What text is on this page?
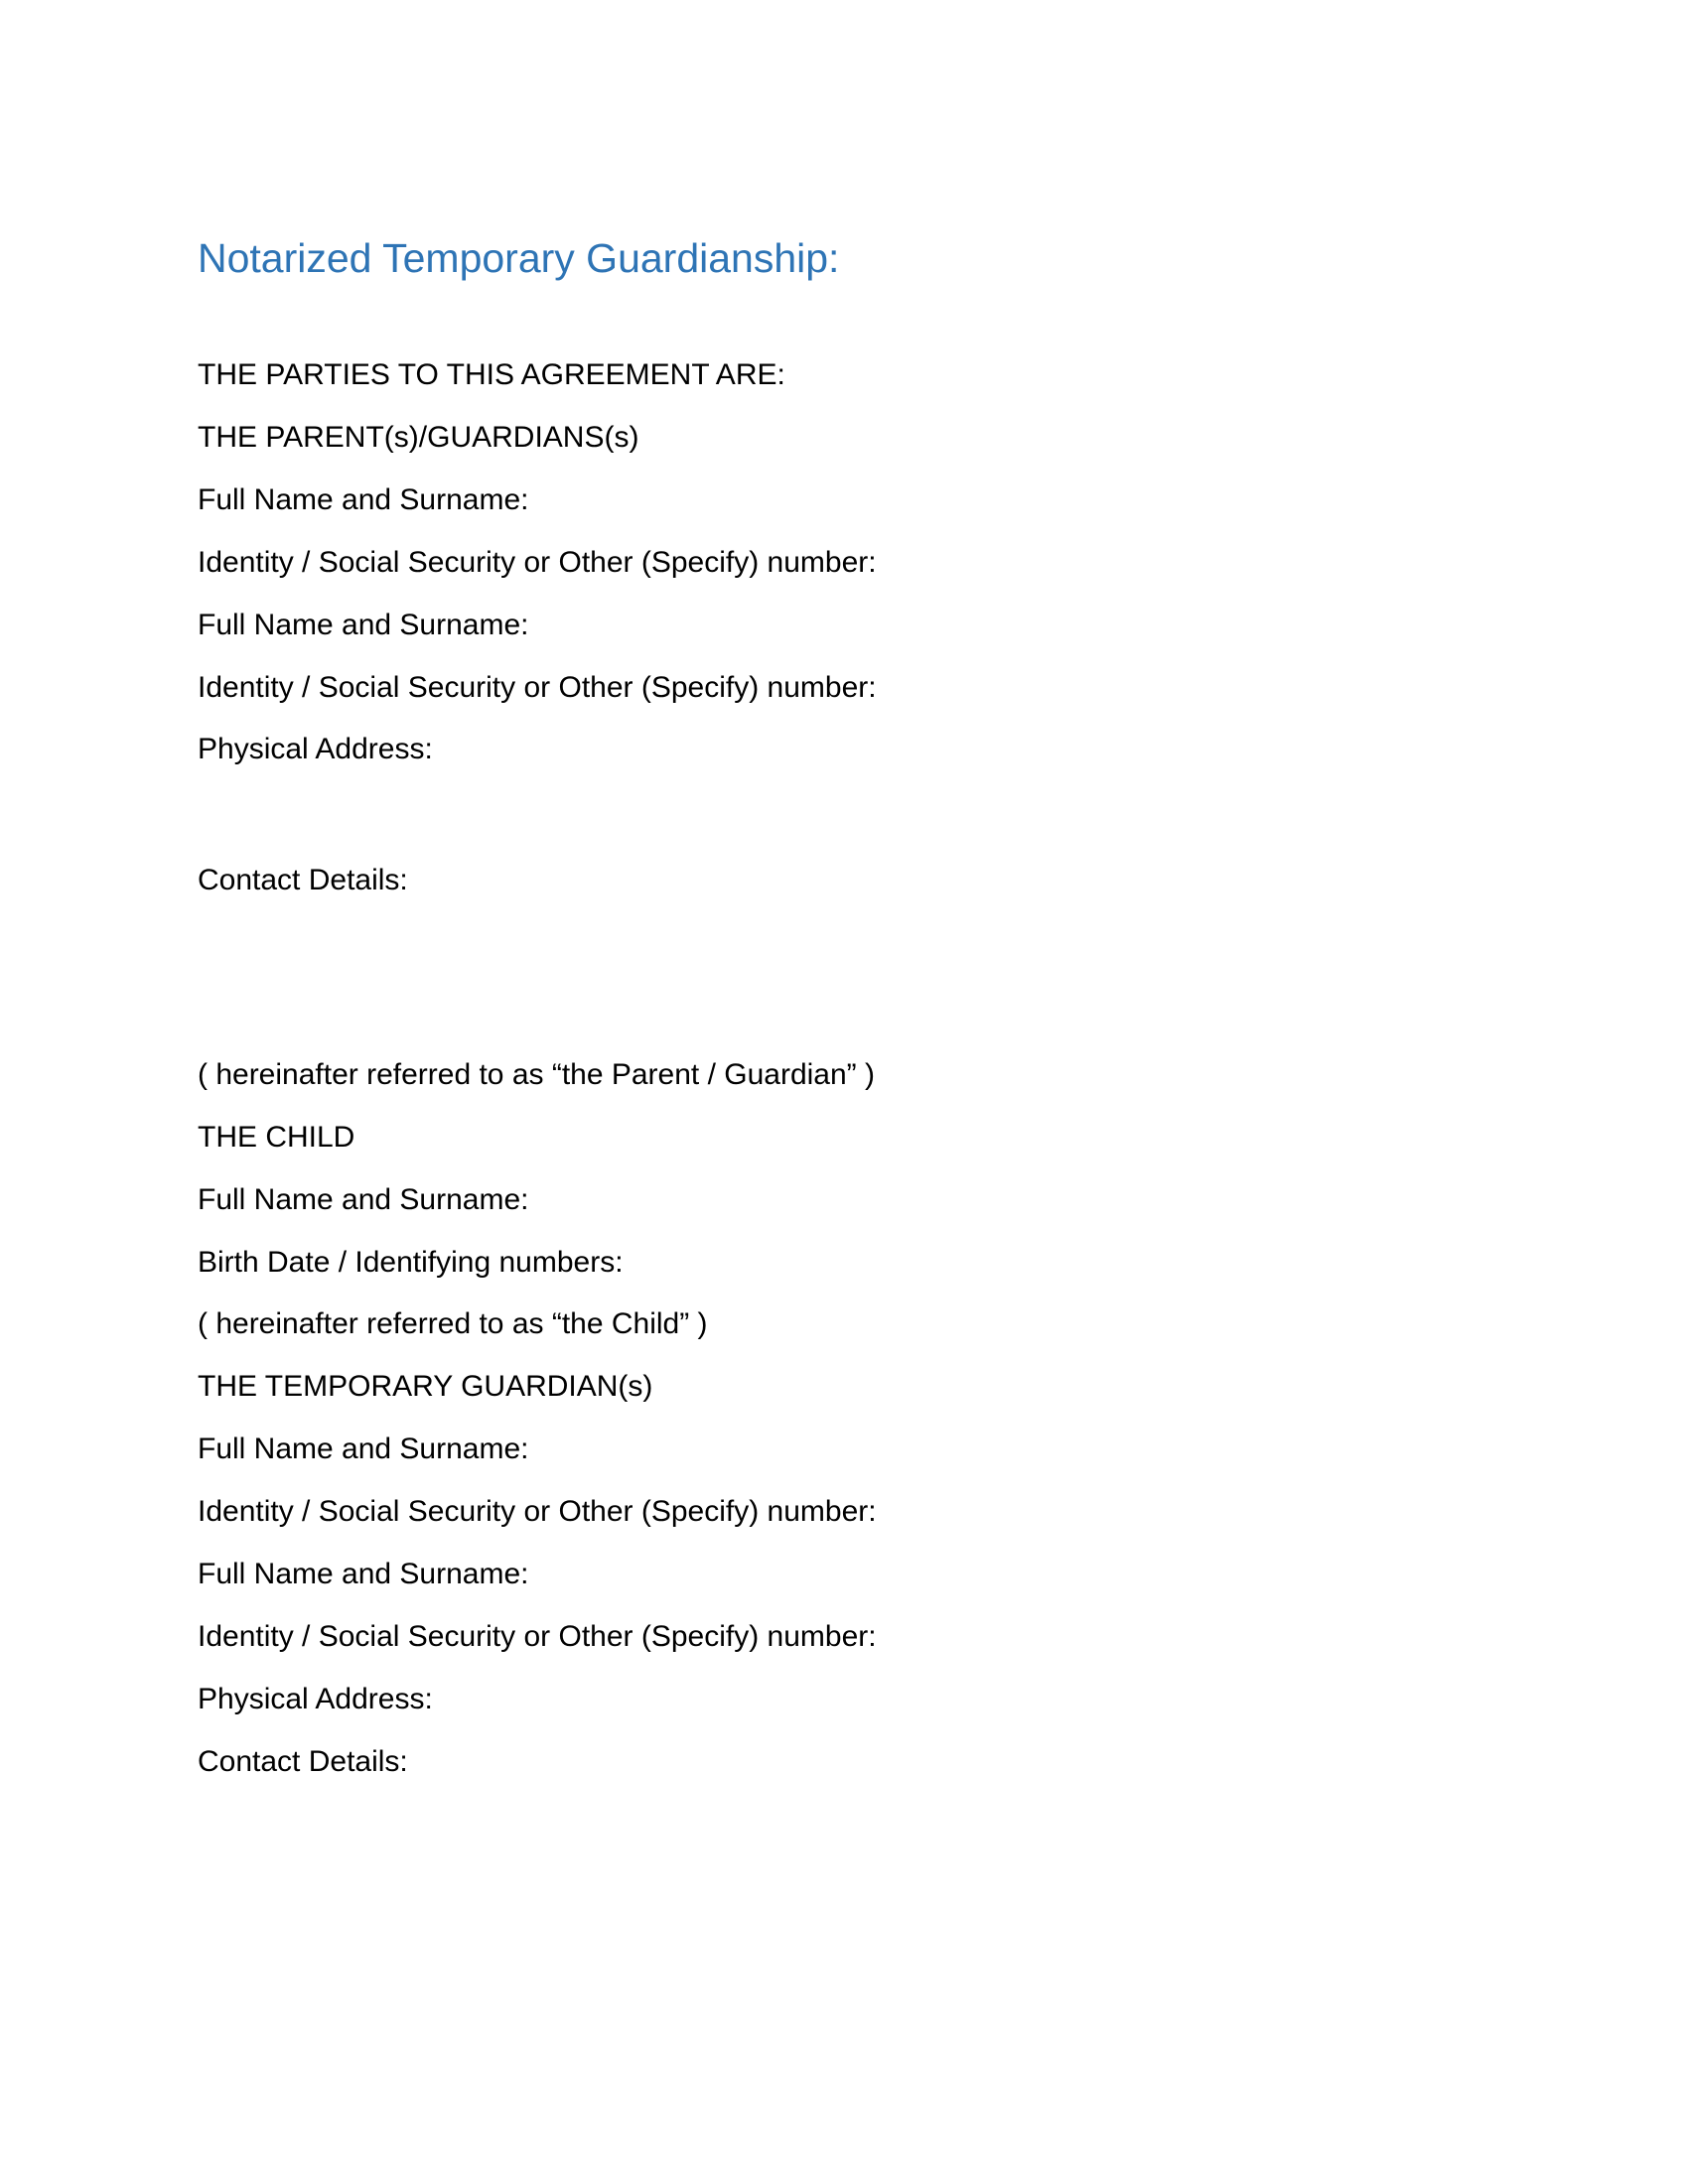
Notarized Temporary Guardianship:

THE PARTIES TO THIS AGREEMENT ARE:

THE PARENT(s)/GUARDIANS(s)

Full Name and Surname:

Identity / Social Security or Other (Specify) number:

Full Name and Surname:

Identity / Social Security or Other (Specify) number:

Physical Address:

Contact Details:

( hereinafter referred to as “the Parent / Guardian” )

THE CHILD

Full Name and Surname:

Birth Date / Identifying numbers:

( hereinafter referred to as “the Child” )

THE TEMPORARY GUARDIAN(s)

Full Name and Surname:

Identity / Social Security or Other (Specify) number:

Full Name and Surname:

Identity / Social Security or Other (Specify) number:

Physical Address:

Contact Details:
